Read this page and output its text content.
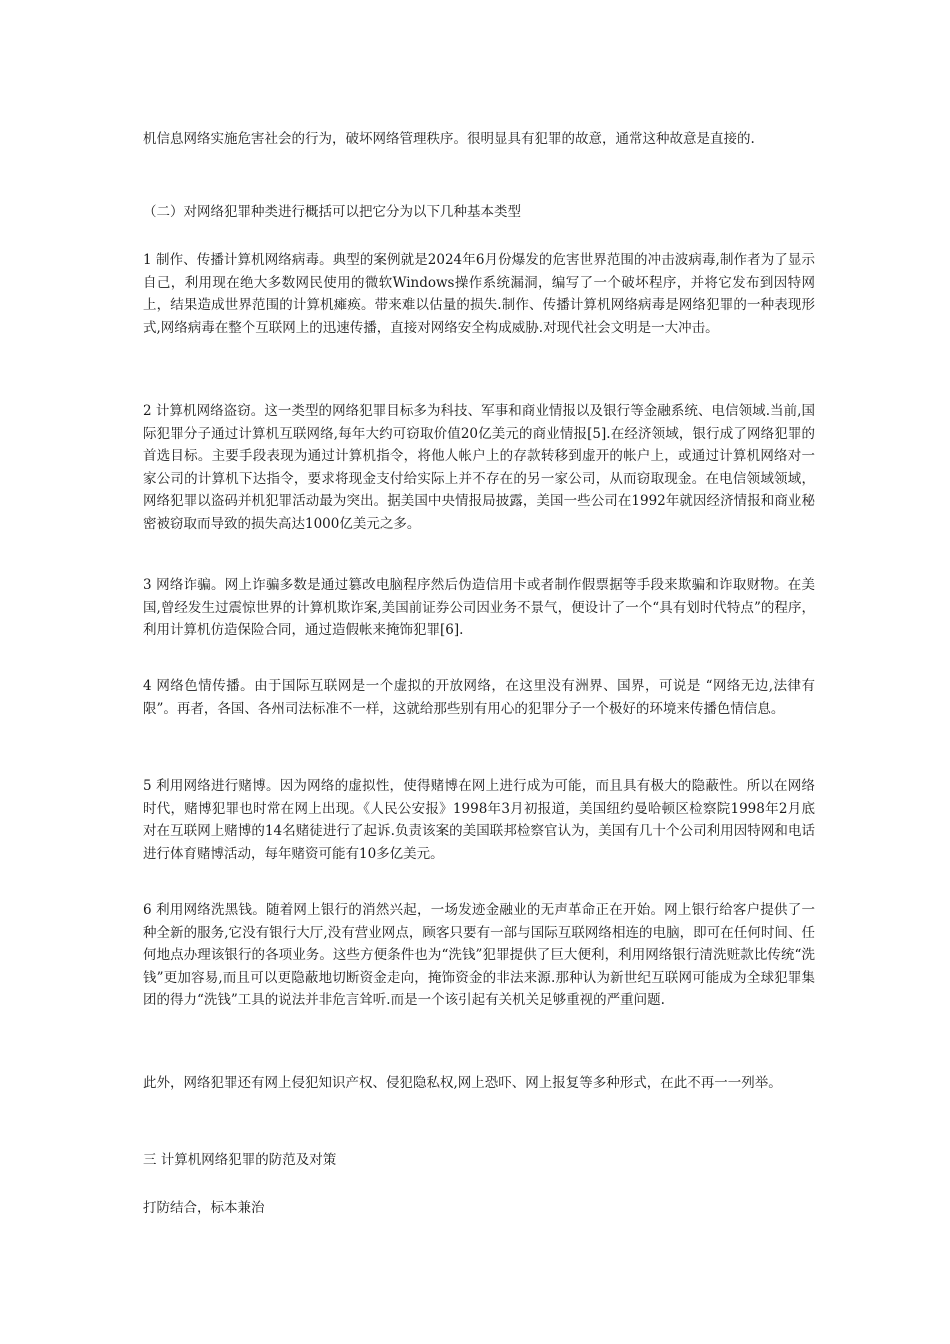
机信息网络实施危害社会的行为，破坏网络管理秩序。很明显具有犯罪的故意，通常这种故意是直接的.

（二）对网络犯罪种类进行概括可以把它分为以下几种基本类型

1 制作、传播计算机网络病毒。典型的案例就是2024年6月份爆发的危害世界范围的冲击波病毒,制作者为了显示自己，利用现在绝大多数网民使用的微软Windows操作系统漏洞，编写了一个破坏程序，并将它发布到因特网上，结果造成世界范围的计算机瘫痪。带来难以估量的损失.制作、传播计算机网络病毒是网络犯罪的一种表现形式,网络病毒在整个互联网上的迅速传播，直接对网络安全构成威胁.对现代社会文明是一大冲击。

2 计算机网络盗窃。这一类型的网络犯罪目标多为科技、军事和商业情报以及银行等金融系统、电信领域.当前,国际犯罪分子通过计算机互联网络,每年大约可窃取价值20亿美元的商业情报[5].在经济领域，银行成了网络犯罪的首选目标。主要手段表现为通过计算机指令，将他人帐户上的存款转移到虚开的帐户上，或通过计算机网络对一家公司的计算机下达指令，要求将现金支付给实际上并不存在的另一家公司，从而窃取现金。在电信领域领域，网络犯罪以盗码并机犯罪活动最为突出。据美国中央情报局披露，美国一些公司在1992年就因经济情报和商业秘密被窃取而导致的损失高达1000亿美元之多。

3 网络诈骗。网上诈骗多数是通过篡改电脑程序然后伪造信用卡或者制作假票据等手段来欺骗和诈取财物。在美国,曾经发生过震惊世界的计算机欺诈案,美国前证券公司因业务不景气，便设计了一个“具有划时代特点”的程序，利用计算机仿造保险合同，通过造假帐来掩饰犯罪[6].

4 网络色情传播。由于国际互联网是一个虚拟的开放网络，在这里没有洲界、国界，可说是 “网络无边,法律有限”。再者，各国、各州司法标准不一样，这就给那些别有用心的犯罪分子一个极好的环境来传播色情信息。

5 利用网络进行赌博。因为网络的虚拟性，使得赌博在网上进行成为可能，而且具有极大的隐蔽性。所以在网络时代，赌博犯罪也时常在网上出现。《人民公安报》1998年3月初报道，美国纽约曼哈顿区检察院1998年2月底对在互联网上赌博的14名赌徒进行了起诉.负责该案的美国联邦检察官认为，美国有几十个公司利用因特网和电话进行体育赌博活动，每年赌资可能有10多亿美元。

6 利用网络洗黑钱。随着网上银行的消然兴起，一场发迹金融业的无声革命正在开始。网上银行给客户提供了一种全新的服务,它没有银行大厅,没有营业网点，顾客只要有一部与国际互联网络相连的电脑，即可在任何时间、任何地点办理该银行的各项业务。这些方便条件也为“洗钱”犯罪提供了巨大便利，利用网络银行清洗赃款比传统“洗钱”更加容易,而且可以更隐蔽地切断资金走向，掩饰资金的非法来源.那种认为新世纪互联网可能成为全球犯罪集团的得力“洗钱”工具的说法并非危言耸听.而是一个该引起有关机关足够重视的严重问题.

此外，网络犯罪还有网上侵犯知识产权、侵犯隐私权,网上恐吓、网上报复等多种形式，在此不再一一列举。

三 计算机网络犯罪的防范及对策

打防结合，标本兼治
